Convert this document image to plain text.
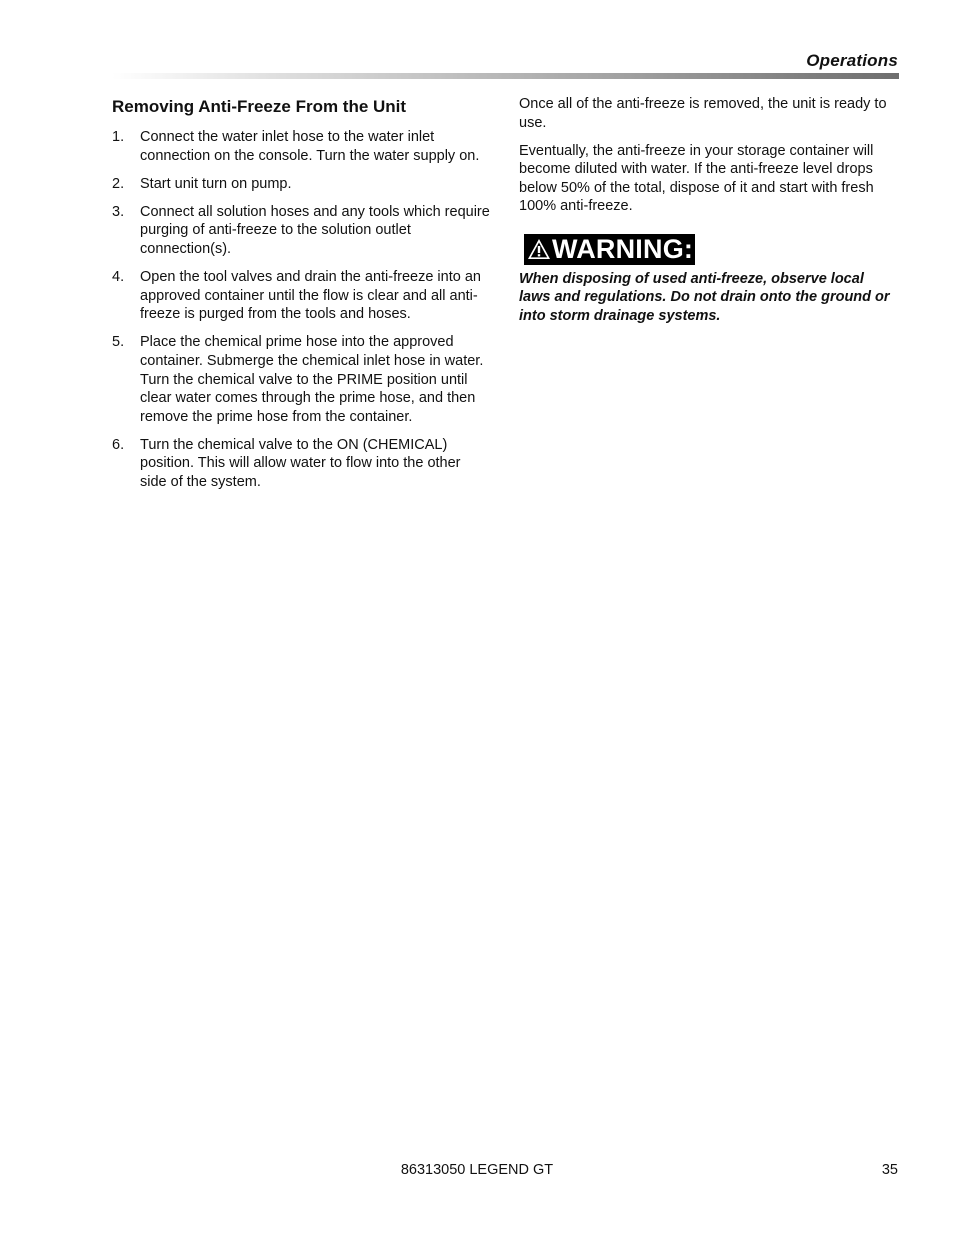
Operations
Removing Anti-Freeze From the Unit
1.	Connect the water inlet hose to the water inlet connection on the console. Turn the water supply on.
2.	Start unit turn on pump.
3.	Connect all solution hoses and any tools which require purging of anti-freeze to the solution outlet connection(s).
4.	Open the tool valves and drain the anti-freeze into an approved container until the flow is clear and all anti-freeze is purged from the tools and hoses.
5.	Place the chemical prime hose into the approved container. Submerge the chemical inlet hose in water. Turn the chemical valve to the PRIME position until clear water comes through the prime hose, and then remove the prime hose from the container.
6.	Turn the chemical valve to the ON (CHEMICAL) position. This will allow water to flow into the other side of the system.

Once all of the anti-freeze is removed, the unit is ready to use.

Eventually, the anti-freeze in your storage container will become diluted with water. If the anti-freeze level drops below 50% of the total, dispose of it and start with fresh 100% anti-freeze.

WARNING:

When disposing of used anti-freeze, observe local laws and regulations. Do not drain onto the ground or into storm drainage systems.

86313050 LEGEND GT	35
